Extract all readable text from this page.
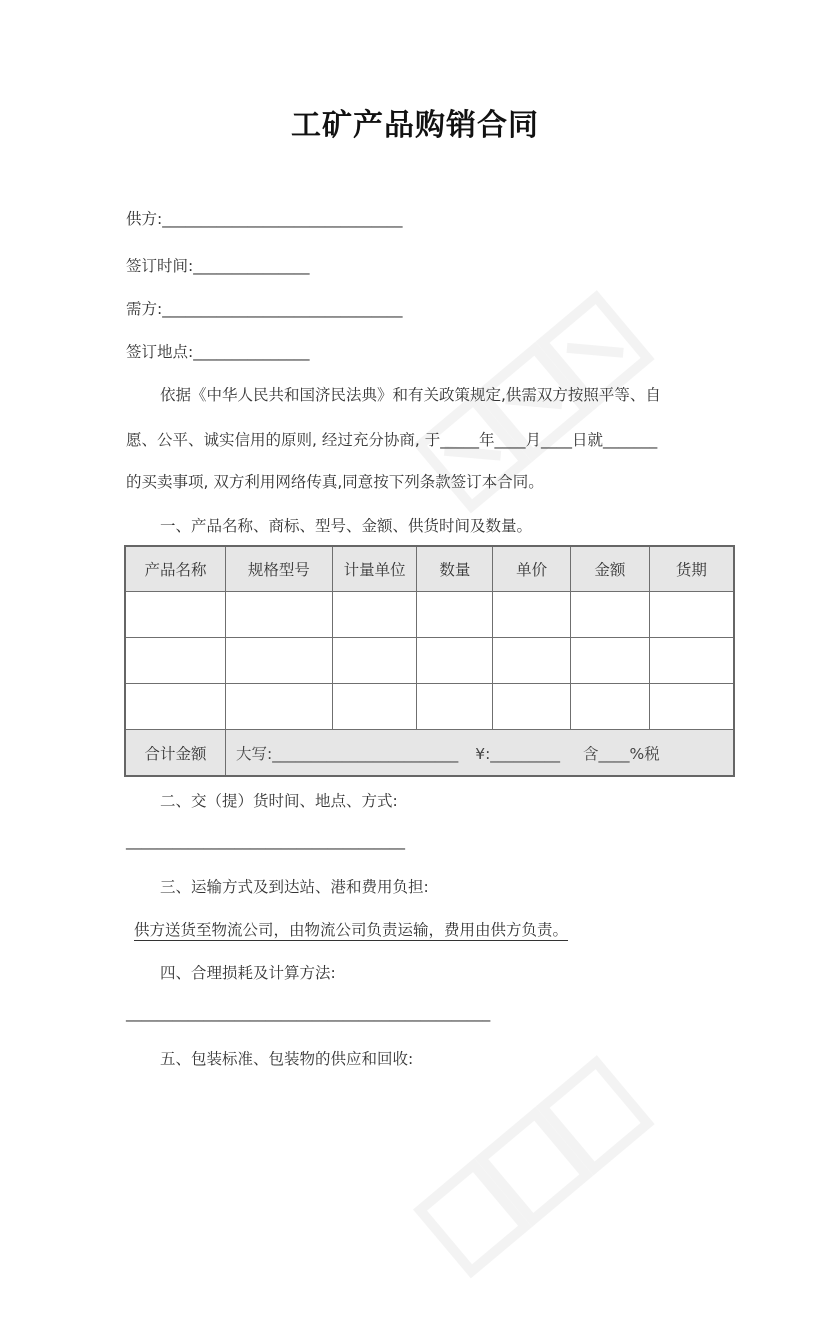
工矿产品购销合同
供方:_______________________________
签订时间:_______________
需方:_______________________________
签订地点:_______________
依据《中华人民共和国济民法典》和有关政策规定,供需双方按照平等、自
愿、公平、诚实信用的原则, 经过充分协商, 于_____年____月____日就_______
的买卖事项, 双方利用网络传真,同意按下列条款签订本合同。
一、产品名称、商标、型号、金额、供货时间及数量。
产品名称	规格型号	计量单位	数量	单价	金额	货期

合计金额	大写:________________________ ¥:_________ 含____%税					
二、交（提）货时间、地点、方式:
____________________________________
三、运输方式及到达站、港和费用负担:
供方送货至物流公司，由物流公司负责运输，费用由供方负责。
四、合理损耗及计算方法:
_______________________________________________
五、包装标准、包装物的供应和回收:
